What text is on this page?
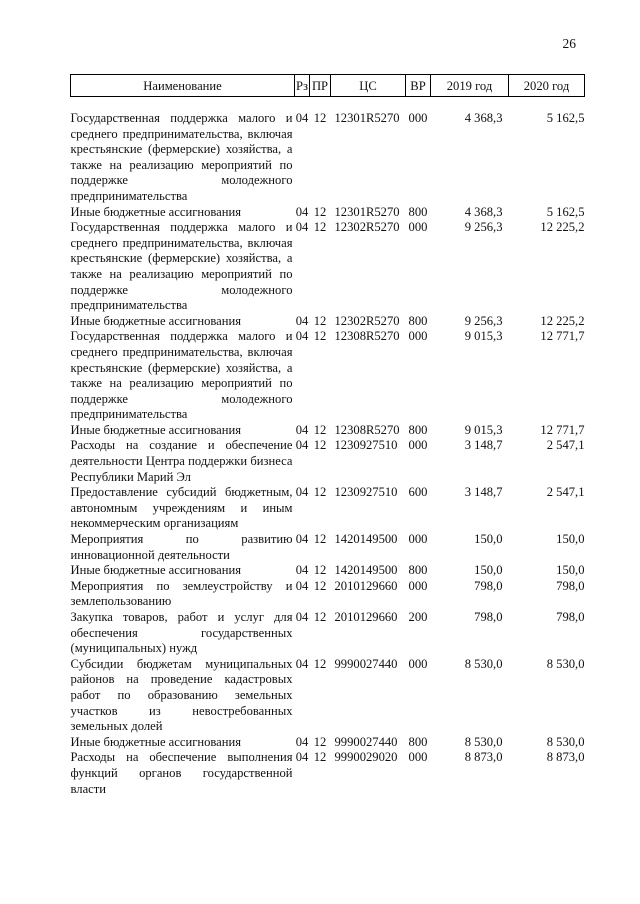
26
Наименование	Рз	ПР	ЦС	ВР	2019 год	2020 год

Государственная поддержка малого и среднего предпринимательства, включая крестьянские (фермерские) хозяйства, а также на реализацию мероприятий по поддержке молодежного предпринимательства	04	12	12301R5270	000	4 368,3	5 162,5
Иные бюджетные ассигнования	04	12	12301R5270	800	4 368,3	5 162,5
Государственная поддержка малого и среднего предпринимательства, включая крестьянские (фермерские) хозяйства, а также на реализацию мероприятий по поддержке молодежного предпринимательства	04	12	12302R5270	000	9 256,3	12 225,2
Иные бюджетные ассигнования	04	12	12302R5270	800	9 256,3	12 225,2
Государственная поддержка малого и среднего предпринимательства, включая крестьянские (фермерские) хозяйства, а также на реализацию мероприятий по поддержке молодежного предпринимательства	04	12	12308R5270	000	9 015,3	12 771,7
Иные бюджетные ассигнования	04	12	12308R5270	800	9 015,3	12 771,7
Расходы на создание и обеспечение деятельности Центра поддержки бизнеса Республики Марий Эл	04	12	1230927510	000	3 148,7	2 547,1
Предоставление субсидий бюджетным, автономным учреждениям и иным некоммерческим организациям	04	12	1230927510	600	3 148,7	2 547,1
Мероприятия по развитию инновационной деятельности	04	12	1420149500	000	150,0	150,0
Иные бюджетные ассигнования	04	12	1420149500	800	150,0	150,0
Мероприятия по землеустройству и землепользованию	04	12	2010129660	000	798,0	798,0
Закупка товаров, работ и услуг для обеспечения государственных (муниципальных) нужд	04	12	2010129660	200	798,0	798,0
Субсидии бюджетам муниципальных районов на проведение кадастровых работ по образованию земельных участков из невостребованных земельных долей	04	12	9990027440	000	8 530,0	8 530,0
Иные бюджетные ассигнования	04	12	9990027440	800	8 530,0	8 530,0
Расходы на обеспечение выполнения функций органов государственной власти	04	12	9990029020	000	8 873,0	8 873,0
